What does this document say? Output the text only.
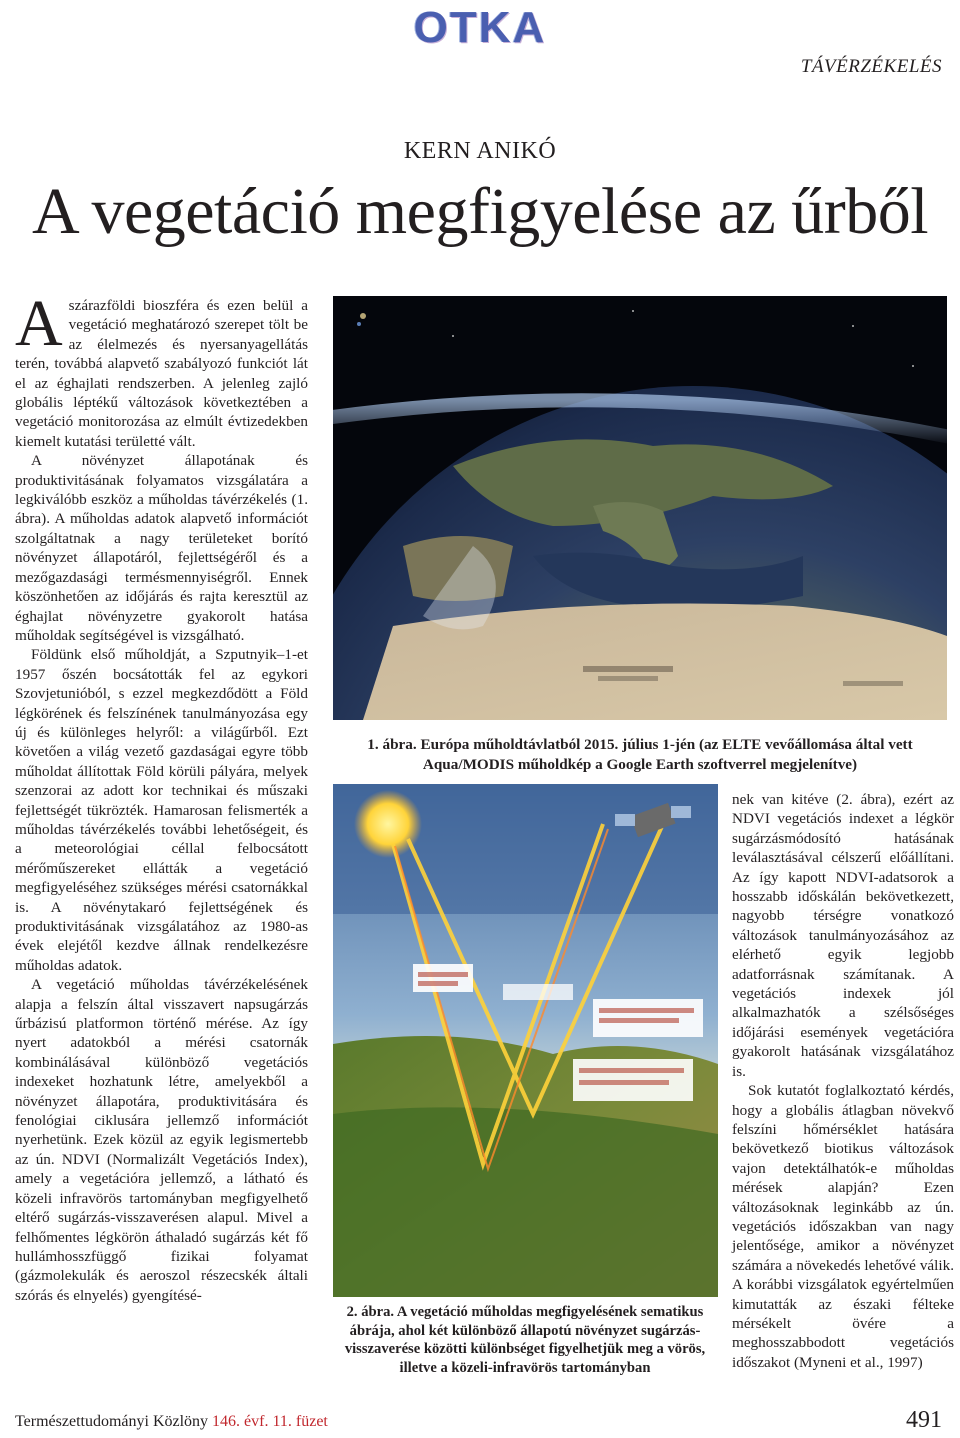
OTKA
TÁVÉRZÉKELÉS
KERN ANIKÓ
A vegetáció megfigyelése az űrből

Aszárazföldi bioszféra és ezen belül a vegetáció meghatározó szerepet tölt be az élelmezés és nyersanyagellátás terén, továbbá alapvető szabályozó funkciót lát el az éghajlati rendszerben. A jelenleg zajló globális léptékű változások következtében a vegetáció monitorozása az elmúlt évtizedekben kiemelt kutatási területté vált.

A növényzet állapotának és produktivitásának folyamatos vizsgálatára a legkiválóbb eszköz a műholdas távérzékelés (1. ábra). A műholdas adatok alapvető információt szolgáltatnak a nagy területeket borító növényzet állapotáról, fejlettségéről és a mezőgazdasági termésmennyiségről. Ennek köszönhetően az időjárás és rajta keresztül az éghajlat növényzetre gyakorolt hatása műholdak segítségével is vizsgálható.

Földünk első műholdját, a Szputnyik–1-et 1957 őszén bocsátották fel az egykori Szovjetunióból, s ezzel megkezdődött a Föld légkörének és felszínének tanulmányozása egy új és különleges helyről: a világűrből. Ezt követően a világ vezető gazdaságai egyre több műholdat állítottak Föld körüli pályára, melyek szenzorai az adott kor technikai és műszaki fejlettségét tükrözték. Hamarosan felismerték a műholdas távérzékelés további lehetőségeit, és a meteorológiai céllal felbocsátott mérőműszereket ellátták a vegetáció megfigyeléséhez szükséges mérési csatornákkal is. A növénytakaró fejlettségének és produktivitásának vizsgálatához az 1980-as évek elejétől kezdve állnak rendelkezésre műholdas adatok.

A vegetáció műholdas távérzékelésének alapja a felszín által visszavert napsugárzás űrbázisú platformon történő mérése. Az így nyert adatokból a mérési csatornák kombinálásával különböző vegetációs indexeket hozhatunk létre, amelyekből a növényzet állapotára, produktivitására és fenológiai ciklusára jellemző információt nyerhetünk. Ezek közül az egyik legismertebb az ún. NDVI (Normalizált Vegetációs Index), amely a vegetációra jellemző, a látható és közeli infravörös tartományban megfigyelhető eltérő sugárzás-visszaverésen alapul. Mivel a felhőmentes légkörön áthaladó sugárzás két fő hullámhosszfüggő fizikai folyamat (gázmolekulák és aeroszol részecskék általi szórás és elnyelés) gyengítésé-

1. ábra. Európa műholdtávlatból 2015. július 1-jén (az ELTE vevőállomása által vett Aqua/MODIS műholdkép a Google Earth szoftverrel megjelenítve)
2. ábra. A vegetáció műholdas megfigyelésének sematikus ábrája, ahol két különböző állapotú növényzet sugárzás-visszaverése közötti különbséget figyelhetjük meg a vörös, illetve a közeli-infravörös tartományban

nek van kitéve (2. ábra), ezért az NDVI vegetációs indexet a légkör sugárzásmódosító hatásának leválasztásával célszerű előállítani. Az így kapott NDVI-adatsorok a hosszabb időskálán bekövetkezett, nagyobb térségre vonatkozó változások tanulmányozásához az elérhető egyik legjobb adatforrásnak számítanak. A vegetációs indexek jól alkalmazhatók a szélsőséges időjárási események vegetációra gyakorolt hatásának vizsgálatához is.

Sok kutatót foglalkoztató kérdés, hogy a globális átlagban növekvő felszíni hőmérséklet hatására bekövetkező biotikus változások vajon detektálhatók-e műholdas mérések alapján? Ezen változásoknak leginkább az ún. vegetációs időszakban van nagy jelentősége, amikor a növényzet számára a növekedés lehetővé válik. A korábbi vizsgálatok egyértelműen kimutatták az északi félteke mérsékelt övére a meghosszabbodott vegetációs időszakot (Myneni et al., 1997)

Természettudományi Közlöny 146. évf. 11. füzet	491
